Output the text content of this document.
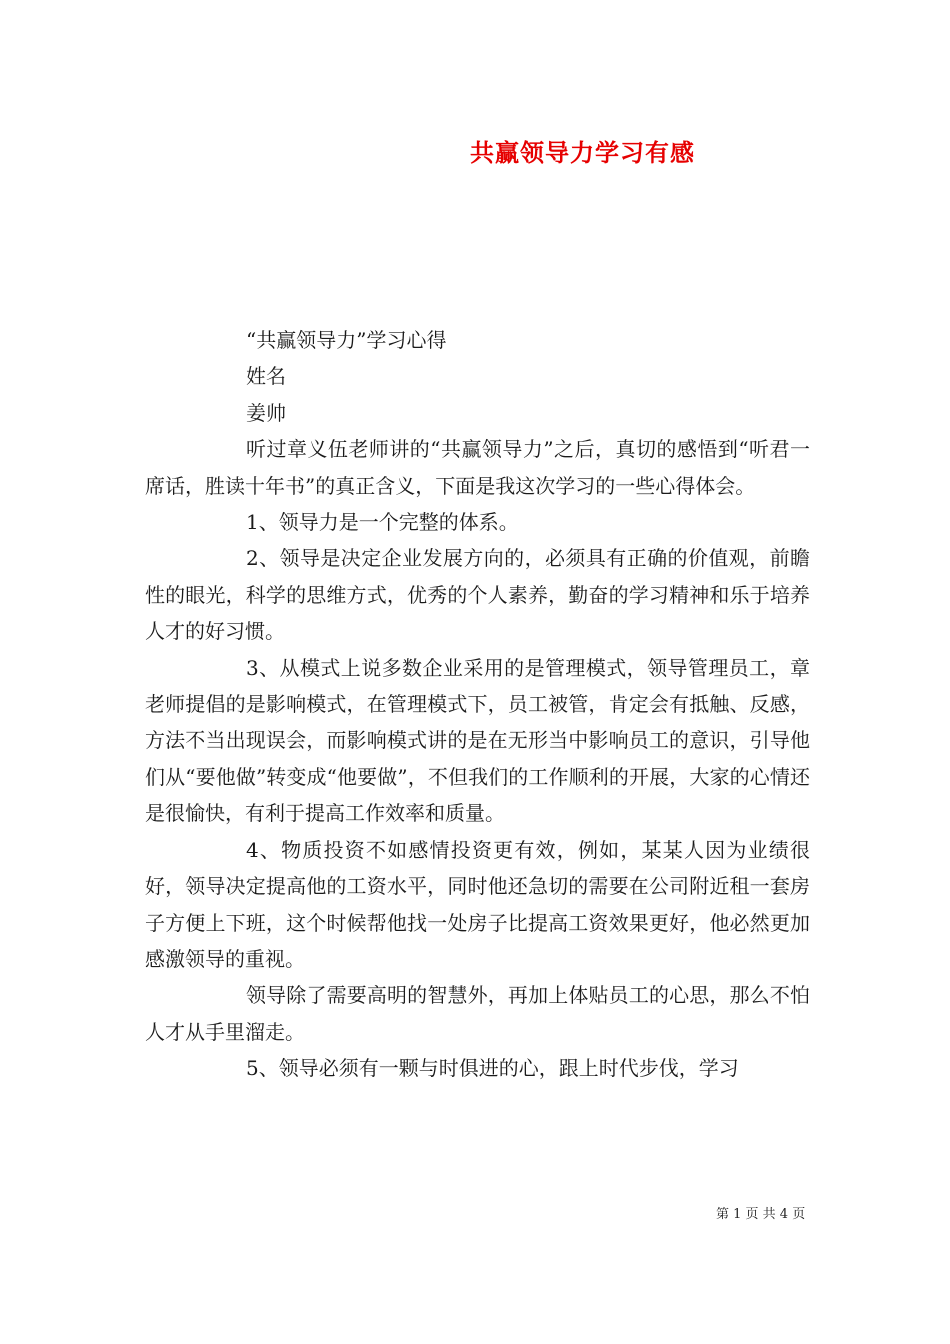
共赢领导力学习有感

“共赢领导力”学习心得

姓名

姜帅

听过章义伍老师讲的“共赢领导力”之后，真切的感悟到“听君一席话，胜读十年书”的真正含义，下面是我这次学习的一些心得体会。

1、领导力是一个完整的体系。

2、领导是决定企业发展方向的，必须具有正确的价值观，前瞻性的眼光，科学的思维方式，优秀的个人素养，勤奋的学习精神和乐于培养人才的好习惯。

3、从模式上说多数企业采用的是管理模式，领导管理员工，章老师提倡的是影响模式，在管理模式下，员工被管，肯定会有抵触、反感，方法不当出现误会，而影响模式讲的是在无形当中影响员工的意识，引导他们从“要他做”转变成“他要做”，不但我们的工作顺利的开展，大家的心情还是很愉快，有利于提高工作效率和质量。

4、物质投资不如感情投资更有效，例如，某某人因为业绩很好，领导决定提高他的工资水平，同时他还急切的需要在公司附近租一套房子方便上下班，这个时候帮他找一处房子比提高工资效果更好，他必然更加感激领导的重视。

领导除了需要高明的智慧外，再加上体贴员工的心思，那么不怕人才从手里溜走。

5、领导必须有一颗与时俱进的心，跟上时代步伐，学习

第 1 页 共 4 页
